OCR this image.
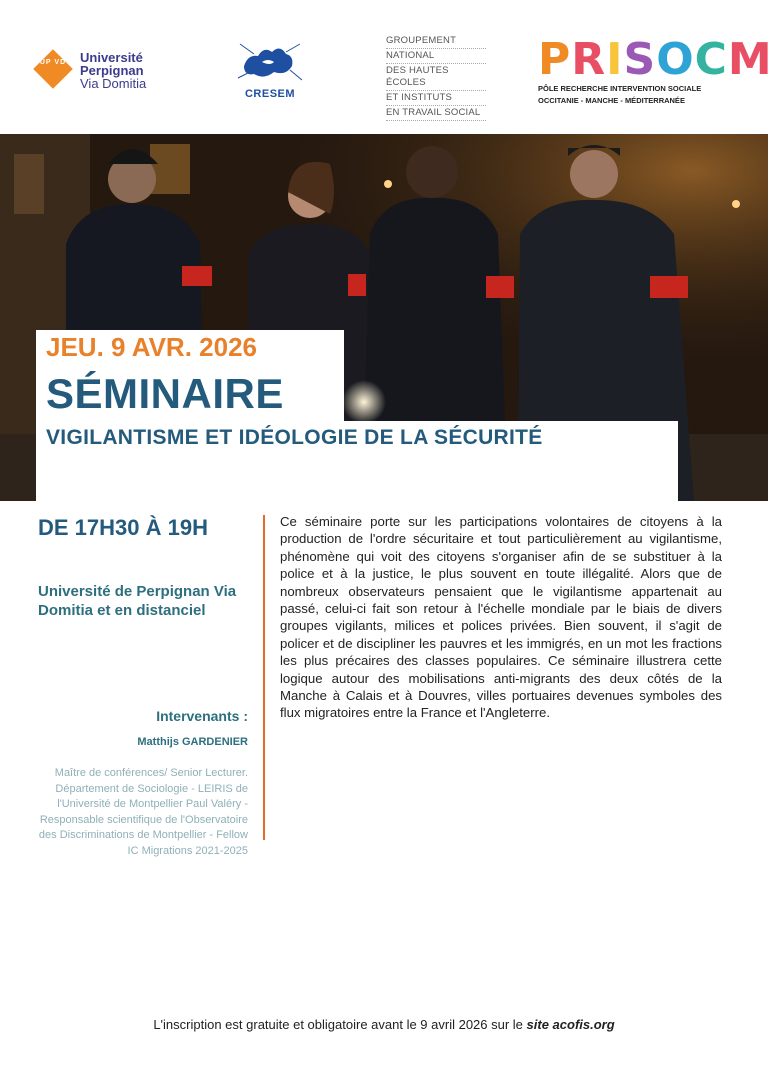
UP VD	Université
Perpignan
Via Domitia
CRESEM
GROUPEMENT
NATIONAL
DES HAUTES ÉCOLES
ET INSTITUTS
EN TRAVAIL SOCIAL
PRISOCM
PÔLE RECHERCHE INTERVENTION SOCIALE
OCCITANIE - MANCHE - MÉDITERRANÉE
JEU. 9 AVR. 2026
SÉMINAIRE
VIGILANTISME ET IDÉOLOGIE DE LA SÉCURITÉ
DE 17H30 À 19H
Université de Perpignan Via Domitia et en distanciel
Intervenants :
Matthijs GARDENIER
Maître de conférences/ Senior Lecturer. Département de Sociologie - LEIRIS de l'Université de Montpellier Paul Valéry - Responsable scientifique de l'Observatoire des Discriminations de Montpellier - Fellow IC Migrations 2021-2025
Ce séminaire porte sur les participations volontaires de citoyens à la production de l'ordre sécuritaire et tout particulièrement au vigilantisme, phénomène qui voit des citoyens s'organiser afin de se substituer à la police et à la justice, le plus souvent en toute illégalité. Alors que de nombreux observateurs pensaient que le vigilantisme appartenait au passé, celui-ci fait son retour à l'échelle mondiale par le biais de divers groupes vigilants, milices et polices privées. Bien souvent, il s'agit de policer et de discipliner les pauvres et les immigrés, en un mot les fractions les plus précaires des classes populaires. Ce séminaire illustrera cette logique autour des mobilisations anti-migrants des deux côtés de la Manche à Calais et à Douvres, villes portuaires devenues symboles des flux migratoires entre la France et l'Angleterre.
L'inscription est gratuite et obligatoire avant le 9 avril 2026 sur le site acofis.org
